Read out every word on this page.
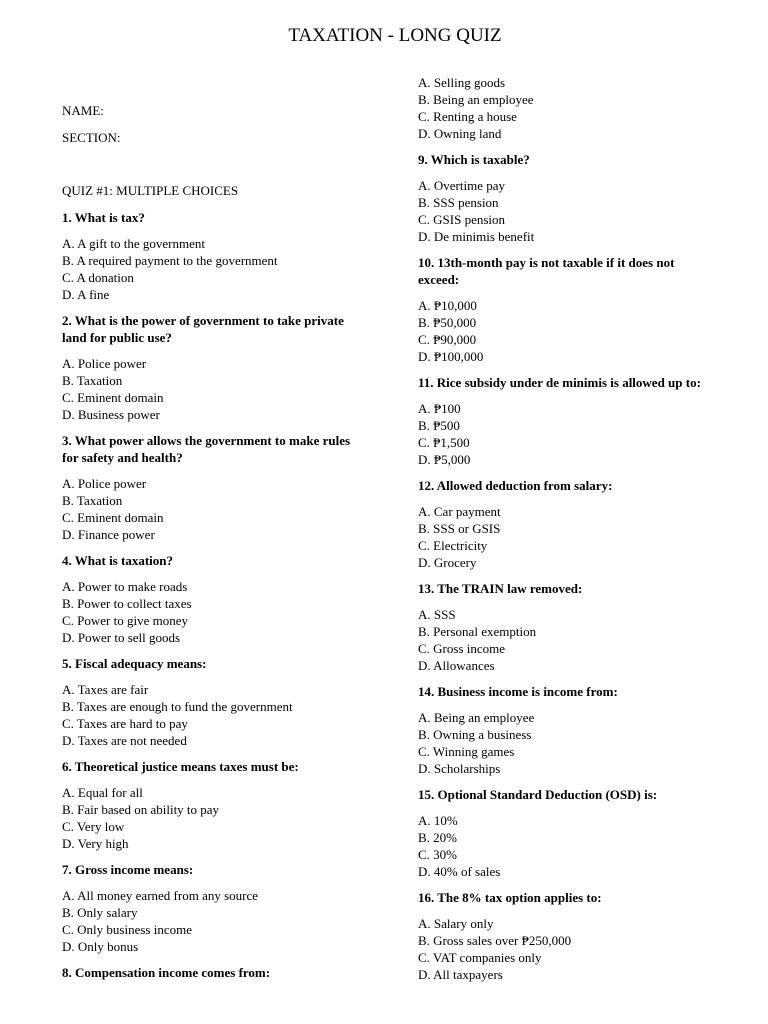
TAXATION - LONG QUIZ

NAME:

SECTION:

QUIZ #1: MULTIPLE CHOICES

1. What is tax?

A. A gift to the government
B. A required payment to the government
C. A donation
D. A fine

2. What is the power of government to take private land for public use?

A. Police power
B. Taxation
C. Eminent domain
D. Business power

3. What power allows the government to make rules for safety and health?

A. Police power
B. Taxation
C. Eminent domain
D. Finance power

4. What is taxation?

A. Power to make roads
B. Power to collect taxes
C. Power to give money
D. Power to sell goods

5. Fiscal adequacy means:

A. Taxes are fair
B. Taxes are enough to fund the government
C. Taxes are hard to pay
D. Taxes are not needed

6. Theoretical justice means taxes must be:

A. Equal for all
B. Fair based on ability to pay
C. Very low
D. Very high

7. Gross income means:

A. All money earned from any source
B. Only salary
C. Only business income
D. Only bonus

8. Compensation income comes from:

A. Selling goods
B. Being an employee
C. Renting a house
D. Owning land

9. Which is taxable?

A. Overtime pay
B. SSS pension
C. GSIS pension
D. De minimis benefit

10. 13th-month pay is not taxable if it does not exceed:

A. ₱10,000
B. ₱50,000
C. ₱90,000
D. ₱100,000

11. Rice subsidy under de minimis is allowed up to:

A. ₱100
B. ₱500
C. ₱1,500
D. ₱5,000

12. Allowed deduction from salary:

A. Car payment
B. SSS or GSIS
C. Electricity
D. Grocery

13. The TRAIN law removed:

A. SSS
B. Personal exemption
C. Gross income
D. Allowances

14. Business income is income from:

A. Being an employee
B. Owning a business
C. Winning games
D. Scholarships

15. Optional Standard Deduction (OSD) is:

A. 10%
B. 20%
C. 30%
D. 40% of sales

16. The 8% tax option applies to:

A. Salary only
B. Gross sales over ₱250,000
C. VAT companies only
D. All taxpayers
